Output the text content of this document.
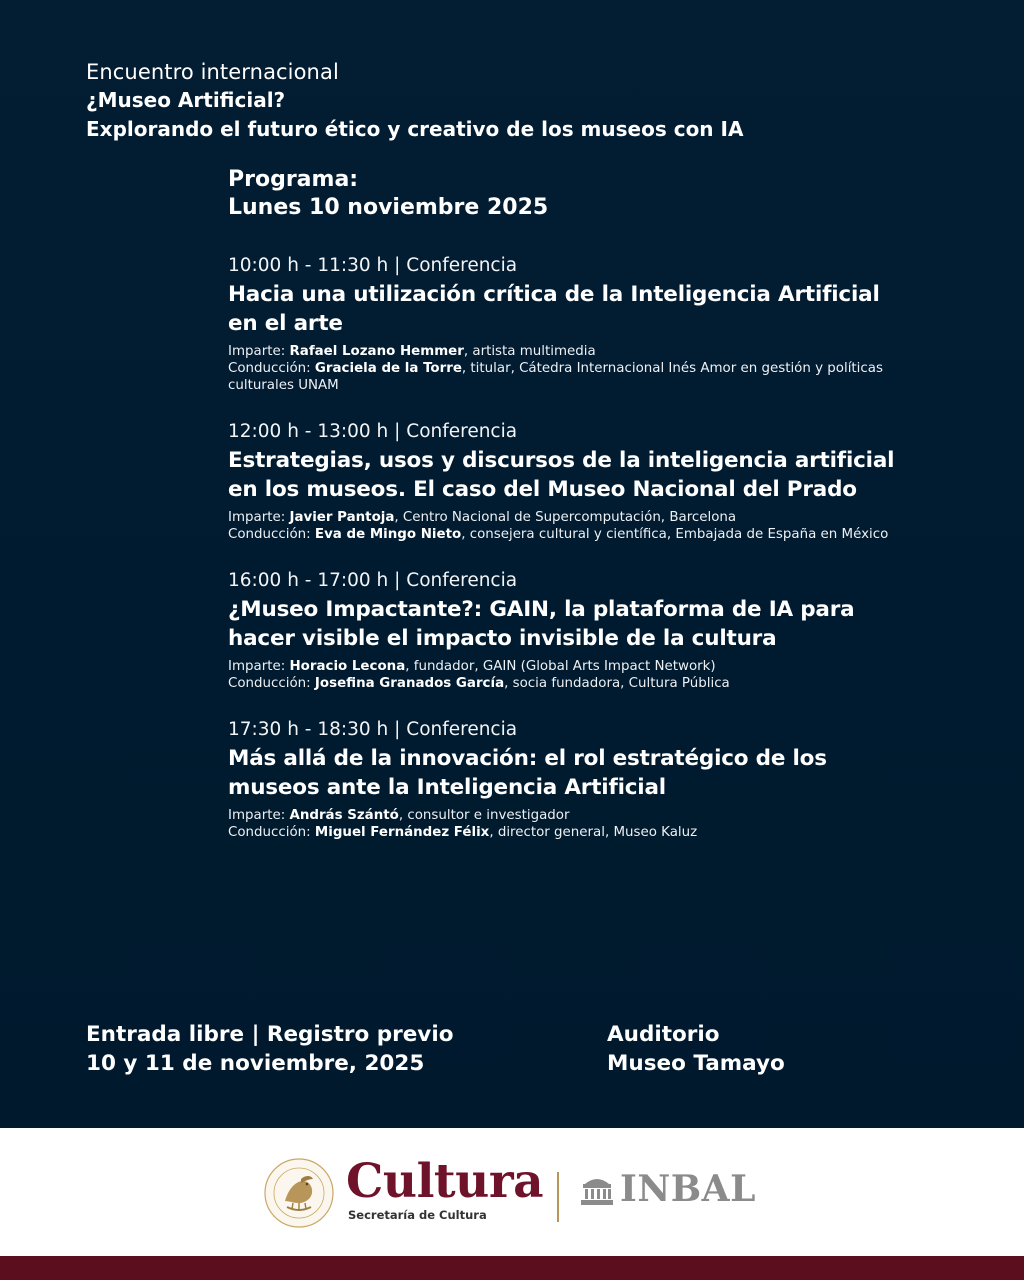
Encuentro internacional
¿Museo Artificial?
Explorando el futuro ético y creativo de los museos con IA
Programa:
Lunes 10 noviembre 2025
10:00 h - 11:30 h | Conferencia
Hacia una utilización crítica de la Inteligencia Artificial
en el arte

Imparte: Rafael Lozano Hemmer, artista multimedia

Conducción: Graciela de la Torre, titular, Cátedra Internacional Inés Amor en gestión y políticas

culturales UNAM

12:00 h - 13:00 h | Conferencia
Estrategias, usos y discursos de la inteligencia artificial
en los museos. El caso del Museo Nacional del Prado

Imparte: Javier Pantoja, Centro Nacional de Supercomputación, Barcelona

Conducción: Eva de Mingo Nieto, consejera cultural y científica, Embajada de España en México

16:00 h - 17:00 h | Conferencia
¿Museo Impactante?: GAIN, la plataforma de IA para
hacer visible el impacto invisible de la cultura

Imparte: Horacio Lecona, fundador, GAIN (Global Arts Impact Network)

Conducción: Josefina Granados García, socia fundadora, Cultura Pública

17:30 h - 18:30 h | Conferencia
Más allá de la innovación: el rol estratégico de los
museos ante la Inteligencia Artificial

Imparte: András Szántó, consultor e investigador

Conducción: Miguel Fernández Félix, director general, Museo Kaluz

Entrada libre | Registro previo
10 y 11 de noviembre, 2025
Auditorio
Museo Tamayo
Cultura
Secretaría de Cultura
INBAL
